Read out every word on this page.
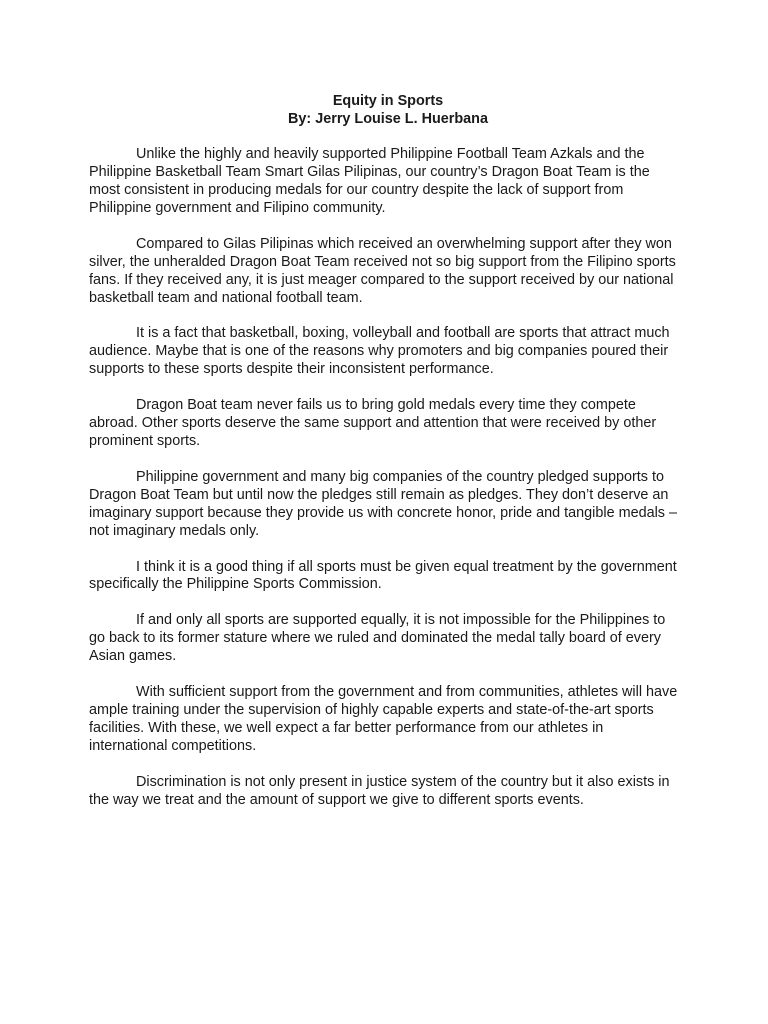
Equity in Sports
By: Jerry Louise L. Huerbana

Unlike the highly and heavily supported Philippine Football Team Azkals and the Philippine Basketball Team Smart Gilas Pilipinas, our country’s Dragon Boat Team is the most consistent in producing medals for our country despite the lack of support from Philippine government and Filipino community.

Compared to Gilas Pilipinas which received an overwhelming support after they won silver, the unheralded Dragon Boat Team received not so big support from the Filipino sports fans. If they received any, it is just meager compared to the support received by our national basketball team and national football team.

It is a fact that basketball, boxing, volleyball and football are sports that attract much audience. Maybe that is one of the reasons why promoters and big companies poured their supports to these sports despite their inconsistent performance.

Dragon Boat team never fails us to bring gold medals every time they compete abroad. Other sports deserve the same support and attention that were received by other prominent sports.

Philippine government and many big companies of the country pledged supports to Dragon Boat Team but until now the pledges still remain as pledges. They don’t deserve an imaginary support because they provide us with concrete honor, pride and tangible medals – not imaginary medals only.

I think it is a good thing if all sports must be given equal treatment by the government specifically the Philippine Sports Commission.

If and only all sports are supported equally, it is not impossible for the Philippines to go back to its former stature where we ruled and dominated the medal tally board of every Asian games.

With sufficient support from the government and from communities, athletes will have ample training under the supervision of highly capable experts and state-of-the-art sports facilities. With these, we well expect a far better performance from our athletes in international competitions.

Discrimination is not only present in justice system of the country but it also exists in the way we treat and the amount of support we give to different sports events.
